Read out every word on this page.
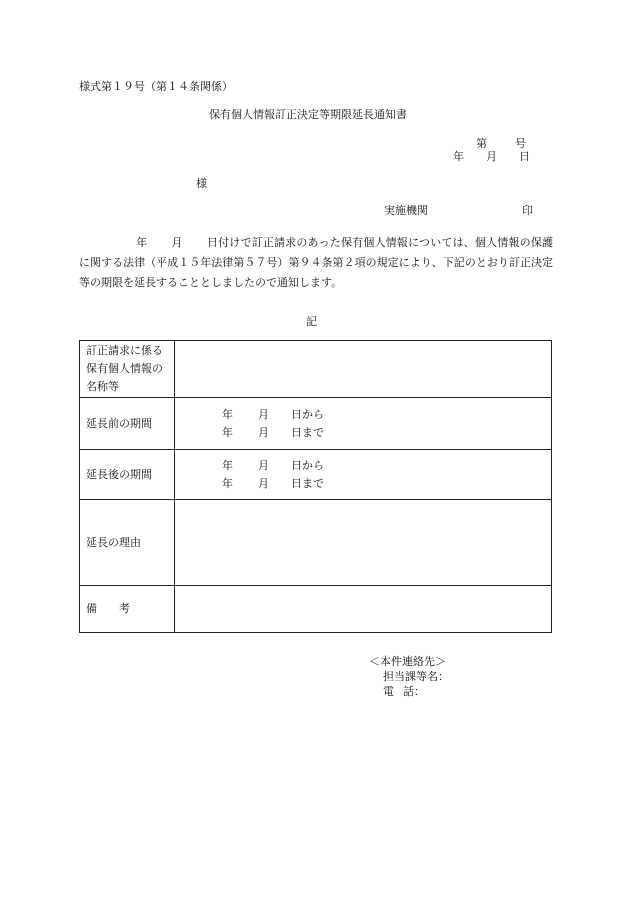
様式第１９号（第１４条関係）
保有個人情報訂正決定等期限延長通知書
第	号
年 月 日
様
実施機関	印
年 月 日付けで訂正請求のあった保有個人情報については、個人情報の保護に関する法律（平成１５年法律第５７号）第９４条第２項の規定により、下記のとおり訂正決定等の期限を延長することとしましたので通知します。
記
訂正請求に係る
保有個人情報の
名称等	
延長前の期間	年 月 日から
年 月 日まで

延長後の期間	年 月 日から
年 月 日まで

延長の理由	
備　　考	
＜本件連絡先＞
担当課等名：
電 話：
